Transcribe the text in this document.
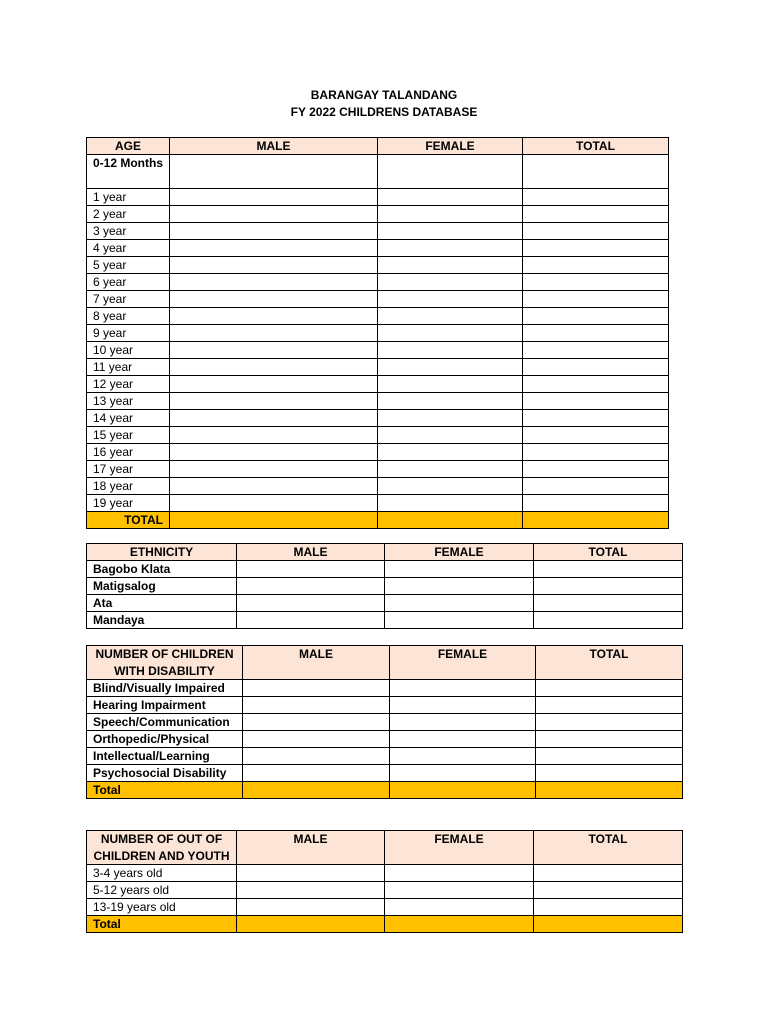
BARANGAY TALANDANG
FY 2022 CHILDRENS DATABASE
AGE	MALE	FEMALE	TOTAL
0-12 Months			
1 year			
2 year			
3 year			
4 year			
5 year			
6 year			
7 year			
8 year			
9 year			
10 year			
11 year			
12 year			
13 year			
14 year			
15 year			
16 year			
17 year			
18 year			
19 year			
TOTAL			
ETHNICITY	MALE	FEMALE	TOTAL
Bagobo Klata			
Matigsalog			
Ata			
Mandaya			
NUMBER OF CHILDREN WITH DISABILITY	MALE	FEMALE	TOTAL
Blind/Visually Impaired			
Hearing Impairment			
Speech/Communication			
Orthopedic/Physical			
Intellectual/Learning			
Psychosocial Disability			
Total			
NUMBER OF OUT OF CHILDREN AND YOUTH	MALE	FEMALE	TOTAL
3-4 years old			
5-12 years old			
13-19 years old			
Total			
